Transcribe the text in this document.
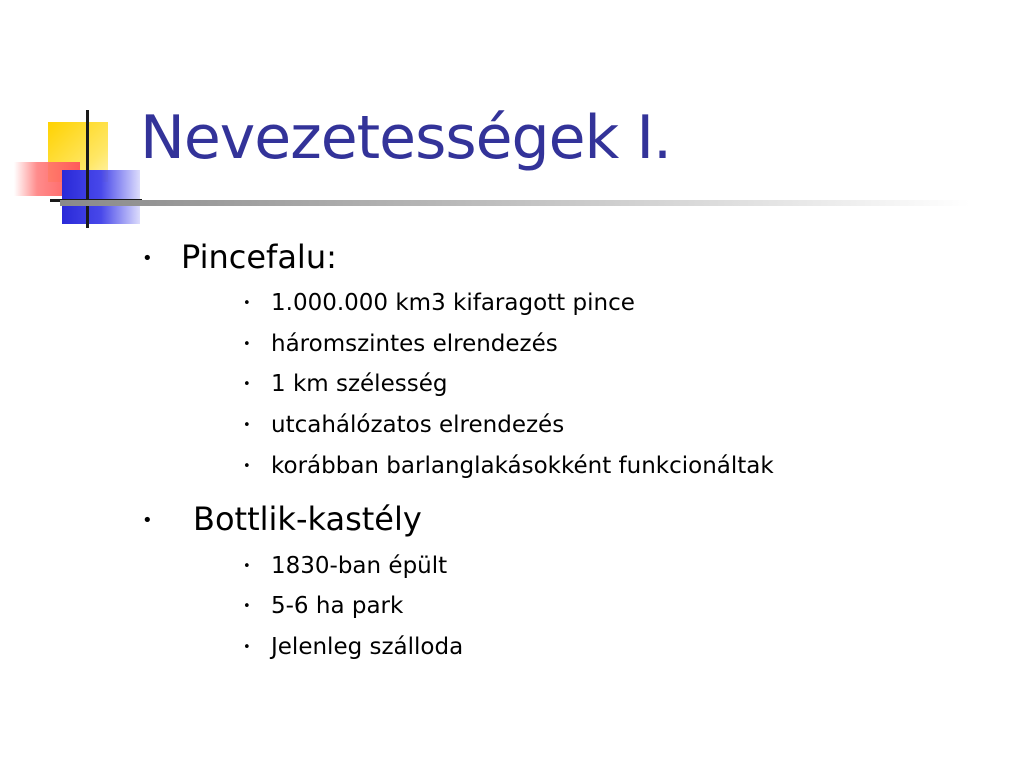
Nevezetességek I.
• Pincefalu:
• 1.000.000 km3 kifaragott pince
• háromszintes elrendezés
• 1 km szélesség
• utcahálózatos elrendezés
• korábban barlanglakásokként funkcionáltak
• Bottlik-kastély
• 1830-ban épült
• 5-6 ha park
• Jelenleg szálloda
